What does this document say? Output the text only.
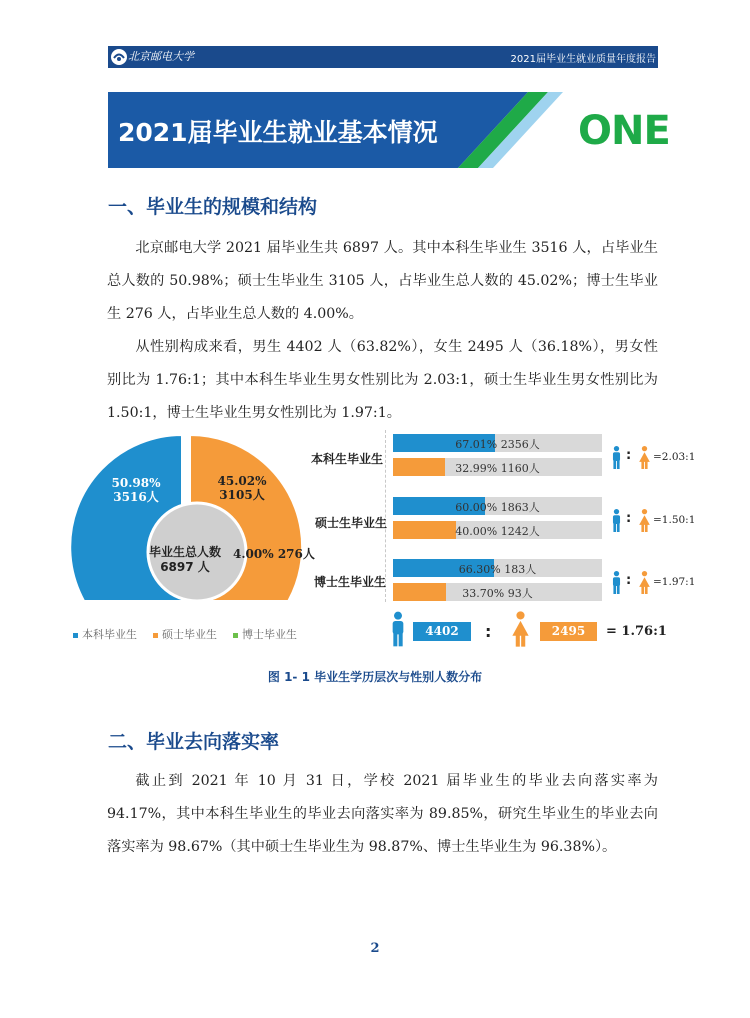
北京邮电大学	2021届毕业生就业质量年度报告
2021届毕业生就业基本情况	ONE
一、毕业生的规模和结构

北京邮电大学 2021 届毕业生共 6897 人。其中本科生毕业生 3516 人，占毕业生总人数的 50.98%；硕士生毕业生 3105 人，占毕业生总人数的 45.02%；博士生毕业生 276 人，占毕业生总人数的 4.00%。

从性别构成来看，男生 4402 人（63.82%），女生 2495 人（36.18%），男女性别比为 1.76:1；其中本科生毕业生男女性别比为 2.03:1，硕士生毕业生男女性别比为 1.50:1，博士生毕业生男女性别比为 1.97:1。

50.98%
3516人
45.02%
3105人
4.00% 276人
毕业生总人数
6897 人
本科毕业生	硕士毕业生	博士毕业生
本科生毕业生
67.01% 2356人
32.99% 1160人
硕士生毕业生
60.00% 1863人
40.00% 1242人
博士生毕业生
66.30% 183人
33.70% 93人
: =2.03:1
: =1.50:1
: =1.97:1
4402	:	2495	= 1.76:1
图 1- 1 毕业生学历层次与性别人数分布
二、毕业去向落实率

截止到 2021 年 10 月 31 日，学校 2021 届毕业生的毕业去向落实率为 94.17%，其中本科生毕业生的毕业去向落实率为 89.85%，研究生毕业生的毕业去向落实率为 98.67%（其中硕士生毕业生为 98.87%、博士生毕业生为 96.38%）。

2
